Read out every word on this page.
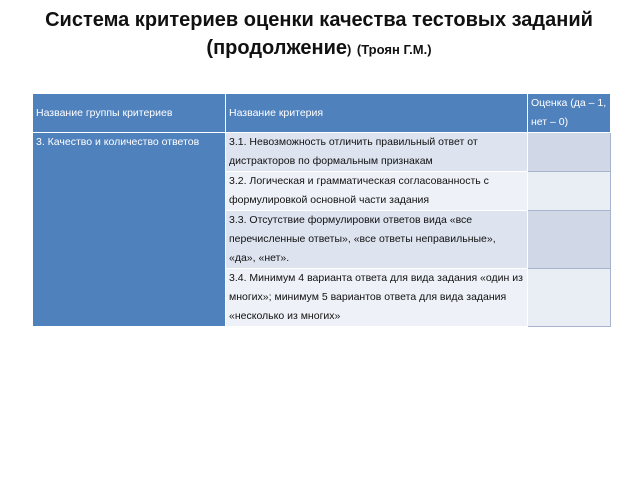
Система критериев оценки качества тестовых заданий
(продолжение) (Троян Г.М.)
Название группы критериев	Название критерия	Оценка (да – 1, нет – 0)
3. Качество и количество ответов	3.1. Невозможность отличить правильный ответ от дистракторов по формальным признакам	
	3.2. Логическая и грамматическая согласованность с формулировкой основной части задания	
	3.3. Отсутствие формулировки ответов вида «все перечисленные ответы», «все ответы неправильные», «да», «нет».	
	3.4. Минимум 4 варианта ответа для вида задания «один из многих»; минимум 5 вариантов ответа для вида задания «несколько из многих»	
